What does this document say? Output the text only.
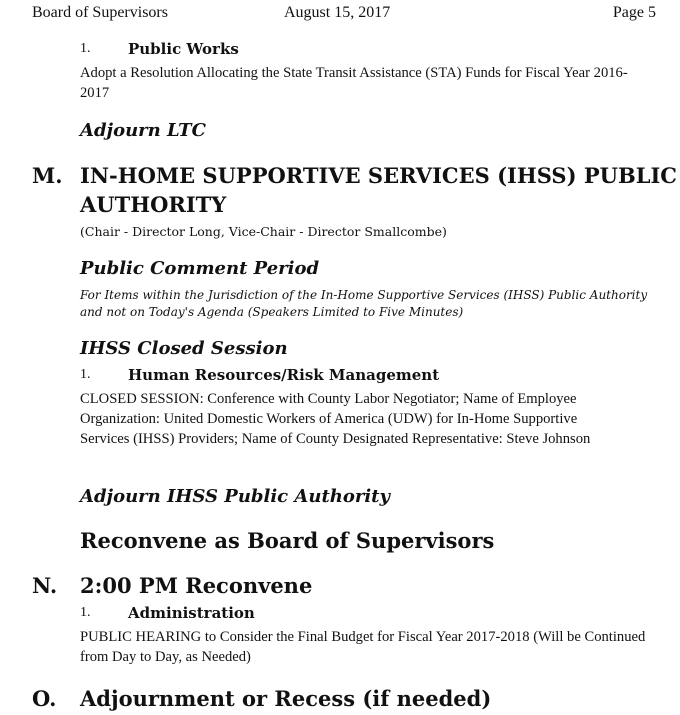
Board of Supervisors	August 15, 2017	Page 5
1.	Public Works
Adopt a Resolution Allocating the State Transit Assistance (STA) Funds for Fiscal Year 2016-2017
Adjourn LTC
M. IN-HOME SUPPORTIVE SERVICES (IHSS) PUBLIC
AUTHORITY
(Chair - Director Long, Vice-Chair - Director Smallcombe)
Public Comment Period
For Items within the Jurisdiction of the In-Home Supportive Services (IHSS) Public Authority and not on Today's Agenda (Speakers Limited to Five Minutes)
IHSS Closed Session
1.	Human Resources/Risk Management
CLOSED SESSION: Conference with County Labor Negotiator; Name of Employee Organization: United Domestic Workers of America (UDW) for In-Home Supportive Services (IHSS) Providers; Name of County Designated Representative: Steve Johnson
Adjourn IHSS Public Authority
Reconvene as Board of Supervisors
N. 2:00 PM Reconvene
1.	Administration
PUBLIC HEARING to Consider the Final Budget for Fiscal Year 2017-2018 (Will be Continued from Day to Day, as Needed)
O. Adjournment or Recess (if needed)
